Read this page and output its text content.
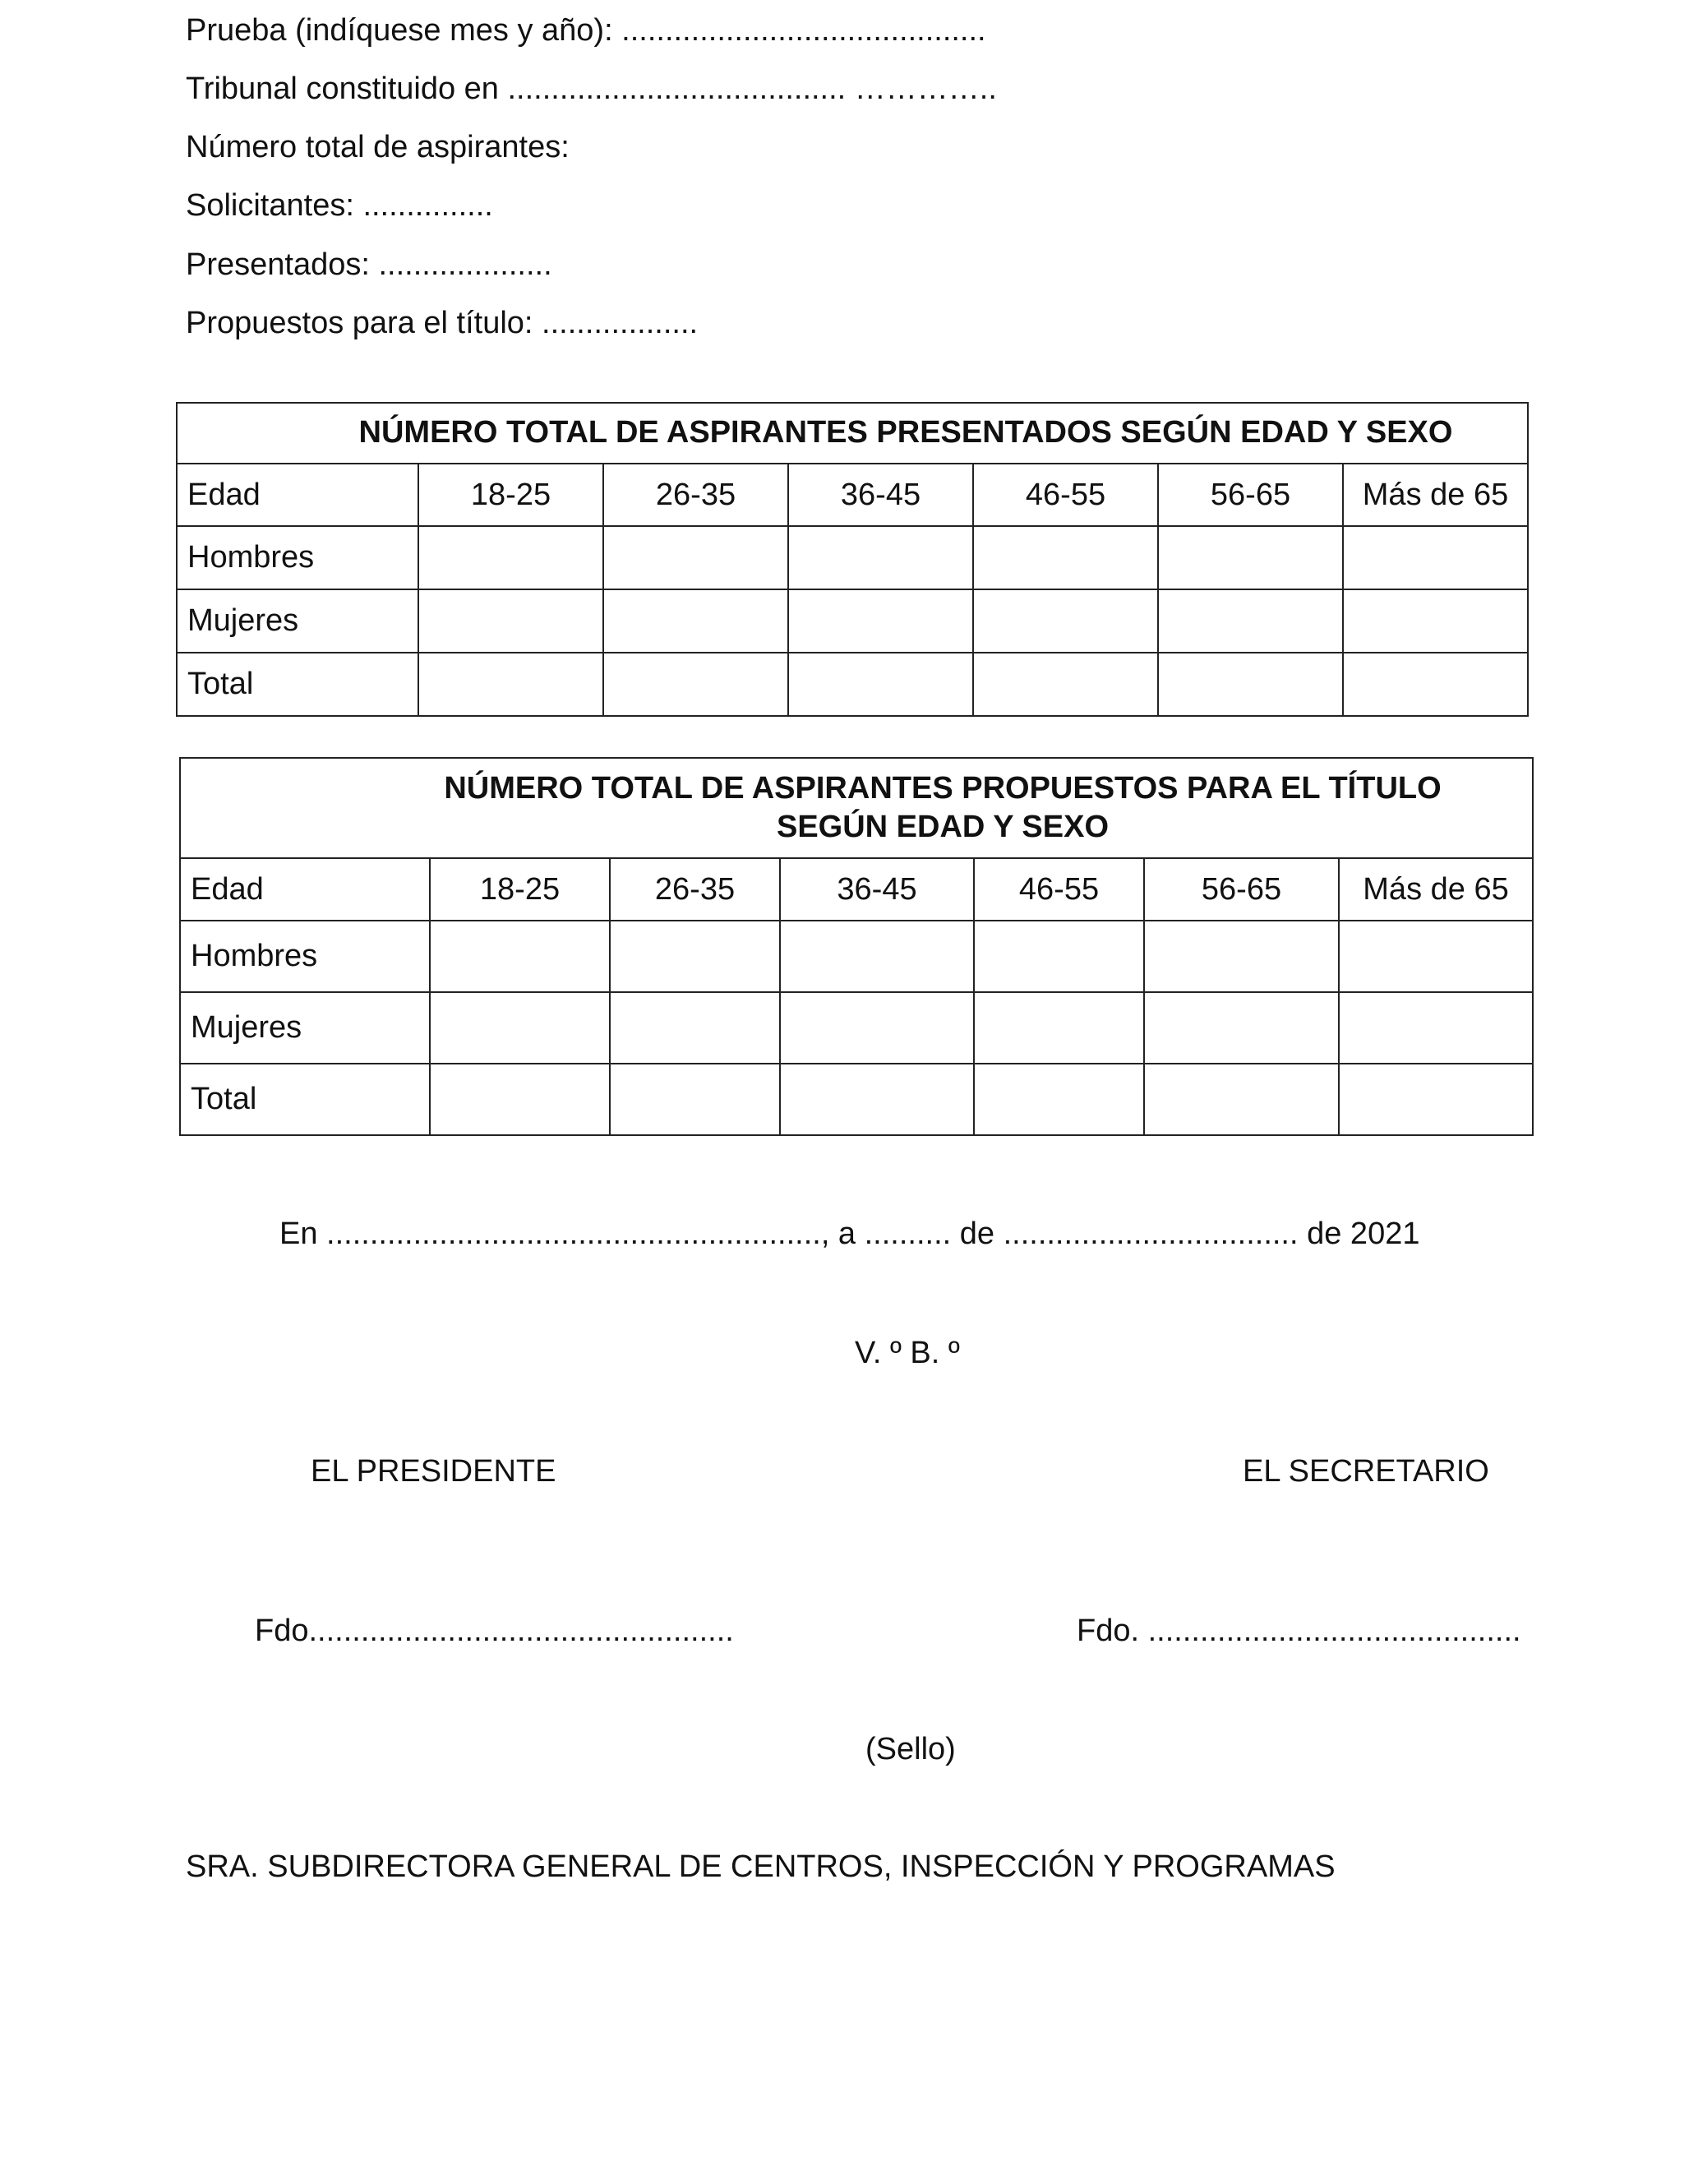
Prueba (indíquese mes y año): ..........................................
Tribunal constituido en ....................................... …………..
Número total de aspirantes:
Solicitantes: ...............
Presentados: ....................
Propuestos para el título: ..................
NÚMERO TOTAL DE ASPIRANTES PRESENTADOS SEGÚN EDAD Y SEXO						
Edad	18-25	26-35	36-45	46-55	56-65	Más de 65
Hombres						
Mujeres						
Total						
NÚMERO TOTAL DE ASPIRANTES PROPUESTOS PARA EL TÍTULO
SEGÚN EDAD Y SEXO						

Edad	18-25	26-35	36-45	46-55	56-65	Más de 65
Hombres						
Mujeres						
Total						
En ........................................................., a .......... de .................................. de 2021
V. º B. º
EL PRESIDENTE	EL SECRETARIO
Fdo.................................................	Fdo. ...........................................
(Sello)
SRA. SUBDIRECTORA GENERAL DE CENTROS, INSPECCIÓN Y PROGRAMAS
